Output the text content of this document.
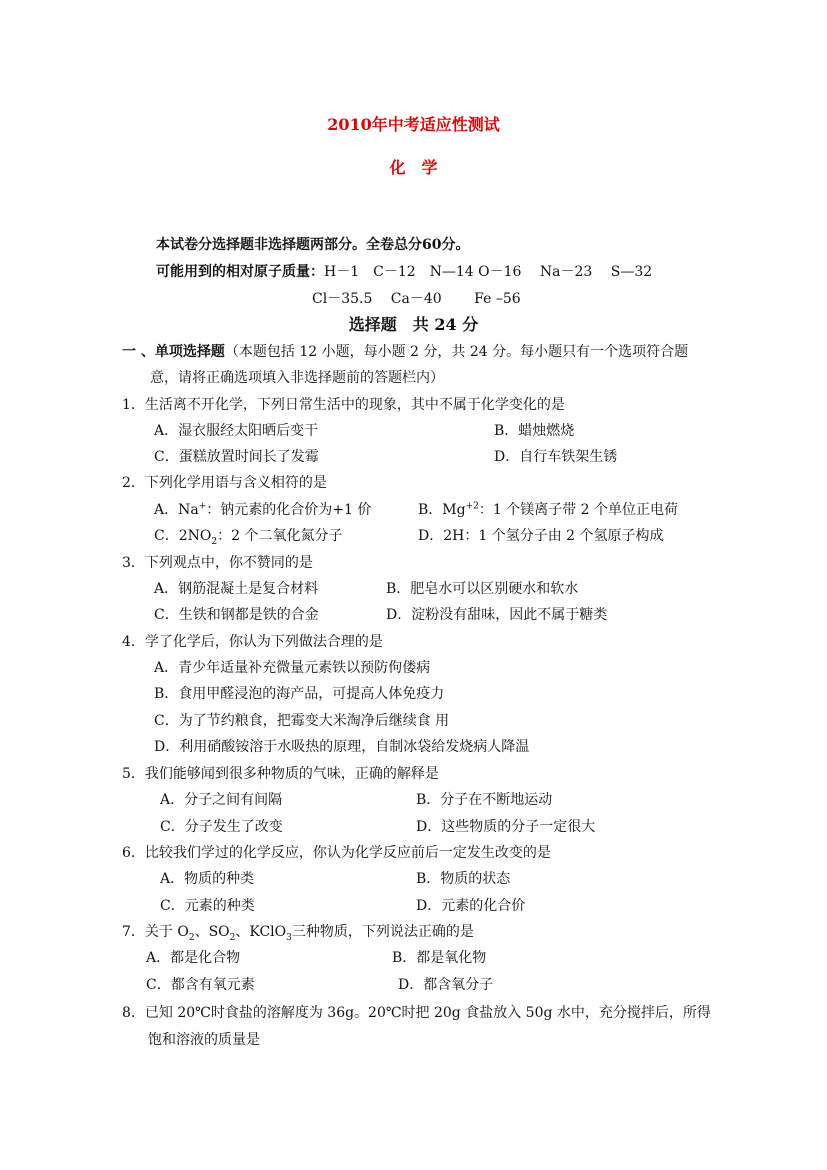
2010年中考适应性测试
化　学
本试卷分选择题非选择题两部分。全卷总分60分。
可能用到的相对原子质量：H－1　C－12　N—14 O－16　 Na－23　 S—32
Cl－35.5　 Ca－40　　 Fe –56
选择题　共 24 分
一 、单项选择题（本题包括 12 小题，每小题 2 分，共 24 分。每小题只有一个选项符合题
意，请将正确选项填入非选择题前的答题栏内）
1．生活离不开化学，下列日常生活中的现象，其中不属于化学变化的是
A．湿衣服经太阳晒后变干	B．蜡烛燃烧
C．蛋糕放置时间长了发霉	D．自行车铁架生锈
2．下列化学用语与含义相符的是
A．Na+：钠元素的化合价为+1 价	B．$Mg^{+2}$：1 个镁离子带 2 个单位正电荷
C．$2NO_2$：2 个二氧化氮分子	D．2H：1 个氢分子由 2 个氢原子构成
3．下列观点中，你不赞同的是
A．钢筋混凝土是复合材料	B．肥皂水可以区别硬水和软水
C．生铁和钢都是铁的合金	D．淀粉没有甜味，因此不属于糖类
4．学了化学后，你认为下列做法合理的是
A．青少年适量补充微量元素铁以预防佝偻病
B．食用甲醛浸泡的海产品，可提高人体免疫力
C．为了节约粮食，把霉变大米淘净后继续食 用
D．利用硝酸铵溶于水吸热的原理，自制冰袋给发烧病人降温
5．我们能够闻到很多种物质的气味，正确的解释是
A．分子之间有间隔	B．分子在不断地运动
C．分子发生了改变	D．这些物质的分子一定很大
6．比较我们学过的化学反应，你认为化学反应前后一定发生改变的是
A．物质的种类	B．物质的状态
C．元素的种类	D．元素的化合价
7．关于 $O_2$、$SO_2$、KClO$_3$三种物质，下列说法正确的是
A．都是化合物	B．都是氧化物
C．都含有氧元素	D．都含氧分子
8．已知 20℃时食盐的溶解度为 36g。20℃时把 20g 食盐放入 50g 水中，充分搅拌后，所得
饱和溶液的质量是
